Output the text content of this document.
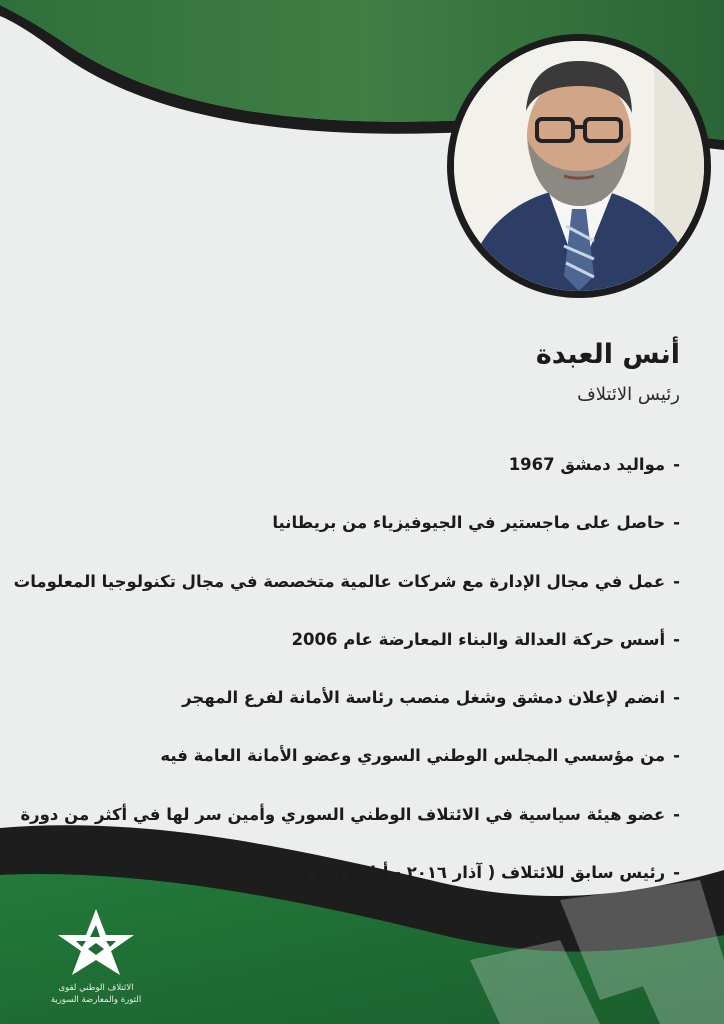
أنس العبدة

رئيس الائتلاف

-مواليد دمشق 1967
-حاصل على ماجستير في الجيوفيزياء من بريطانيا
-عمل في مجال الإدارة مع شركات عالمية متخصصة في مجال تكنولوجيا المعلومات
-أسس حركة العدالة والبناء المعارضة عام 2006
-انضم لإعلان دمشق وشغل منصب رئاسة الأمانة لفرع المهجر
-من مؤسسي المجلس الوطني السوري وعضو الأمانة العامة فيه
-عضو هيئة سياسية في الائتلاف الوطني السوري وأمين سر لها في أكثر من دورة
-رئيس سابق للائتلاف ( آذار ٢٠١٦ - أيار ٢٠١٧ )
الائتلاف الوطني لقوى
الثورة والمعارضة السورية
